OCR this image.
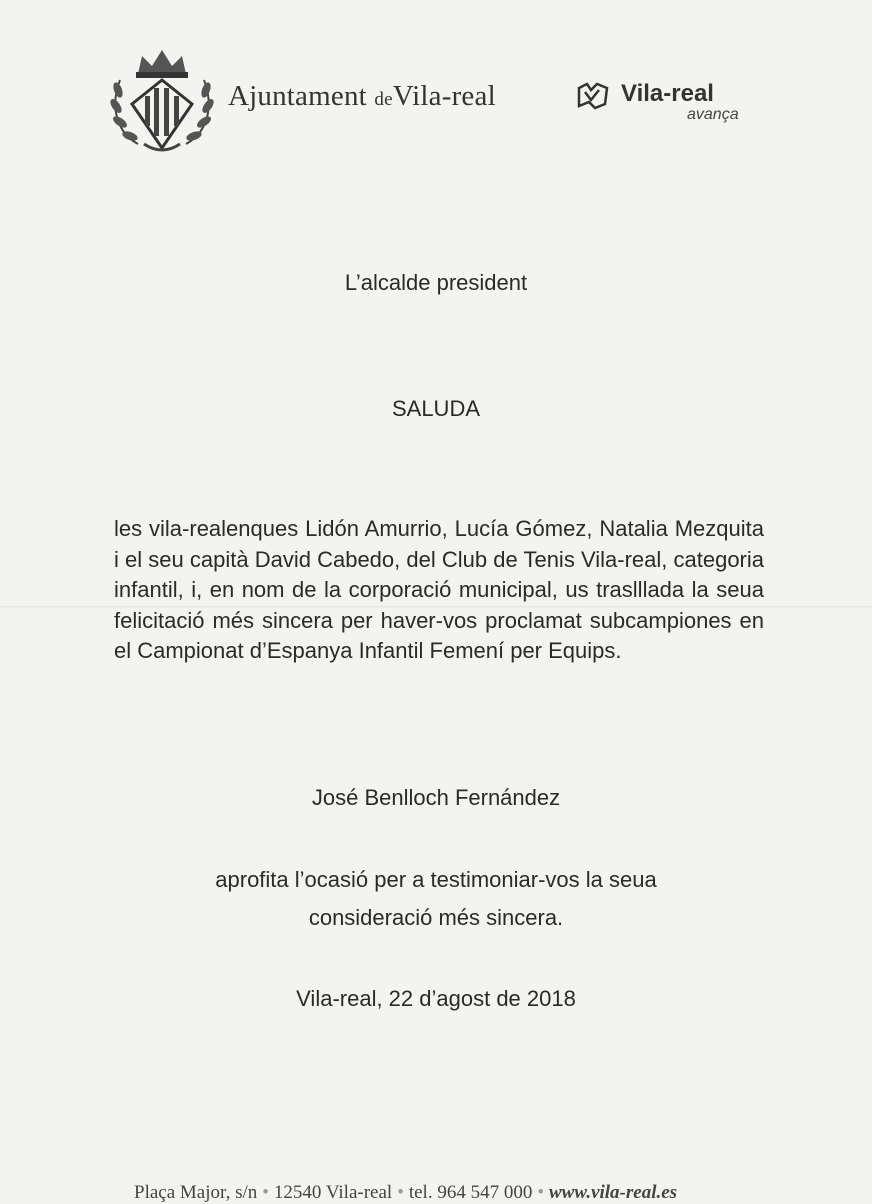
Ajuntament deVila-real	Vila-real
avança
L’alcalde president
SALUDA
les vila-realenques Lidón Amurrio, Lucía Gómez, Natalia Mezquita i el seu capità David Cabedo, del Club de Tenis Vila-real, categoria infantil, i, en nom de la corporació municipal, us traslllada la seua felicitació més sincera per haver-vos proclamat subcampiones en el Campionat d’Espanya Infantil Femení per Equips.
José Benlloch Fernández
aprofita l’ocasió per a testimoniar-vos la seua
consideració més sincera.
Vila-real, 22 d’agost de 2018
Plaça Major, s/n • 12540 Vila-real • tel. 964 547 000 • www.vila-real.es
